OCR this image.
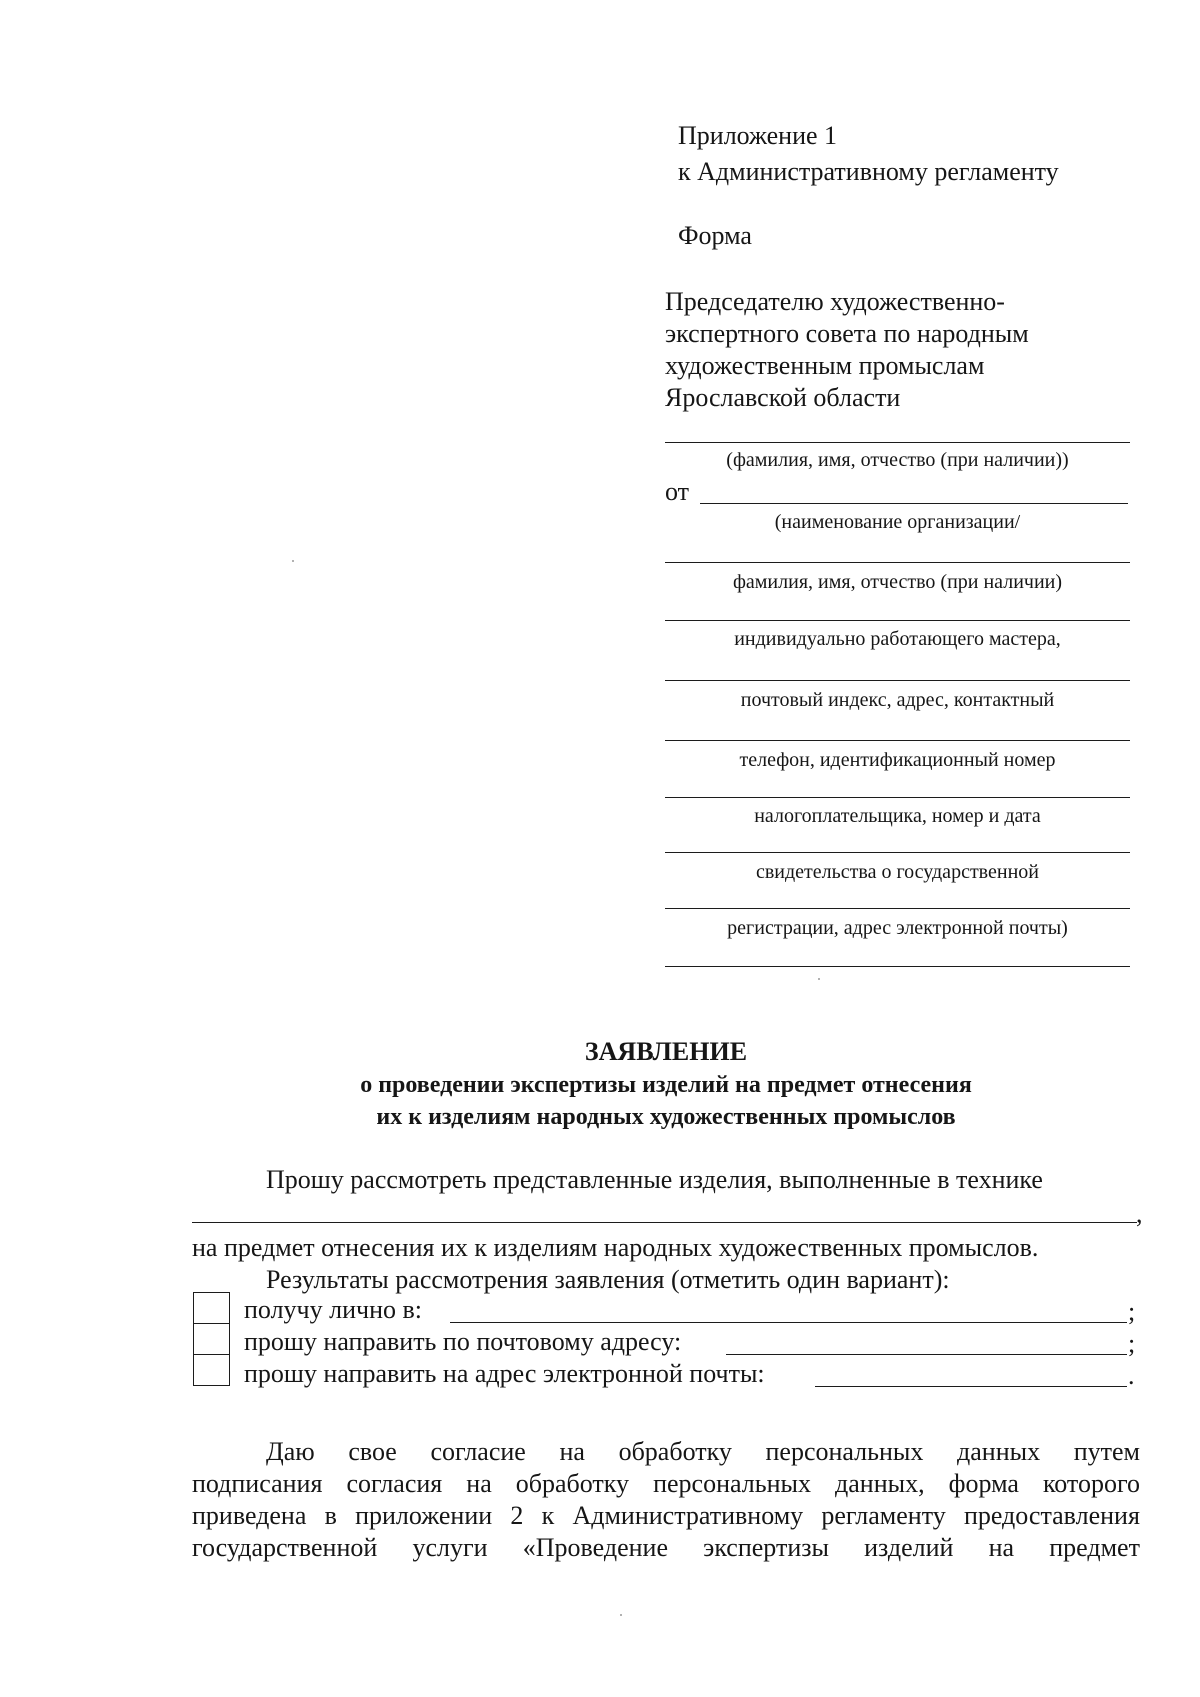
Приложение 1
к Административному регламенту
Форма
Председателю художественно-
экспертного совета по народным
художественным промыслам
Ярославской области
(фамилия, имя, отчество (при наличии))
от
(наименование организации/
фамилия, имя, отчество (при наличии)
индивидуально работающего мастера,
почтовый индекс, адрес, контактный
телефон, идентификационный номер
налогоплательщика, номер и дата
свидетельства о государственной
регистрации, адрес электронной почты)
ЗАЯВЛЕНИЕ
о проведении экспертизы изделий на предмет отнесения
их к изделиям народных художественных промыслов
Прошу рассмотреть представленные изделия, выполненные в технике
,
на предмет отнесения их к изделиям народных художественных промыслов.
Результаты рассмотрения заявления (отметить один вариант):
получу лично в:	;
прошу направить по почтовому адресу:	;
прошу направить на адрес электронной почты:	.
Даю свое согласие на обработку персональных данных путем
подписания согласия на обработку персональных данных, форма которого
приведена в приложении 2 к Административному регламенту предоставления
государственной услуги «Проведение экспертизы изделий на предмет
